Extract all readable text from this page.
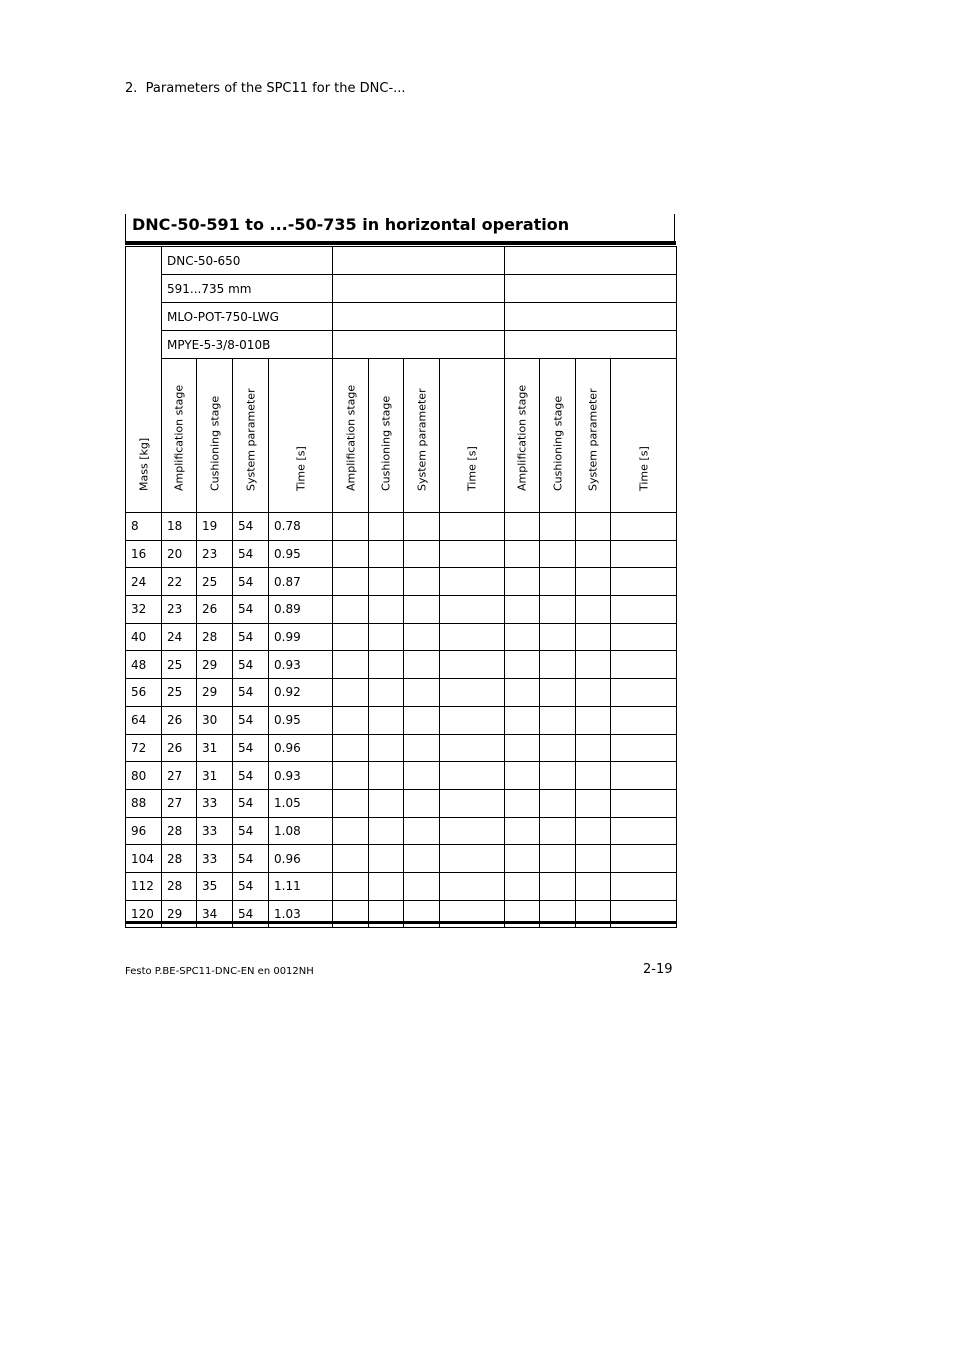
2.  Parameters of the SPC11 for the DNC-...
DNC-50-591 to ...-50-735 in horizontal operation
Mass [kg]	DNC-50-650											
	591...735 mm											
	MLO-POT-750-LWG											
	MPYE-5-3/8-010B											

	Amplification stage	Cushioning stage	System parameter	Time [s]	Amplification stage	Cushioning stage	System parameter	Time [s]	Amplification stage	Cushioning stage	System parameter	Time [s]

8	18	19	54	0.78								
16	20	23	54	0.95								
24	22	25	54	0.87								
32	23	26	54	0.89								
40	24	28	54	0.99								
48	25	29	54	0.93								
56	25	29	54	0.92								
64	26	30	54	0.95								
72	26	31	54	0.96								
80	27	31	54	0.93								
88	27	33	54	1.05								
96	28	33	54	1.08								
104	28	33	54	0.96								
112	28	35	54	1.11								
120	29	34	54	1.03								
Festo P.BE-SPC11-DNC-EN en 0012NH	2-19
